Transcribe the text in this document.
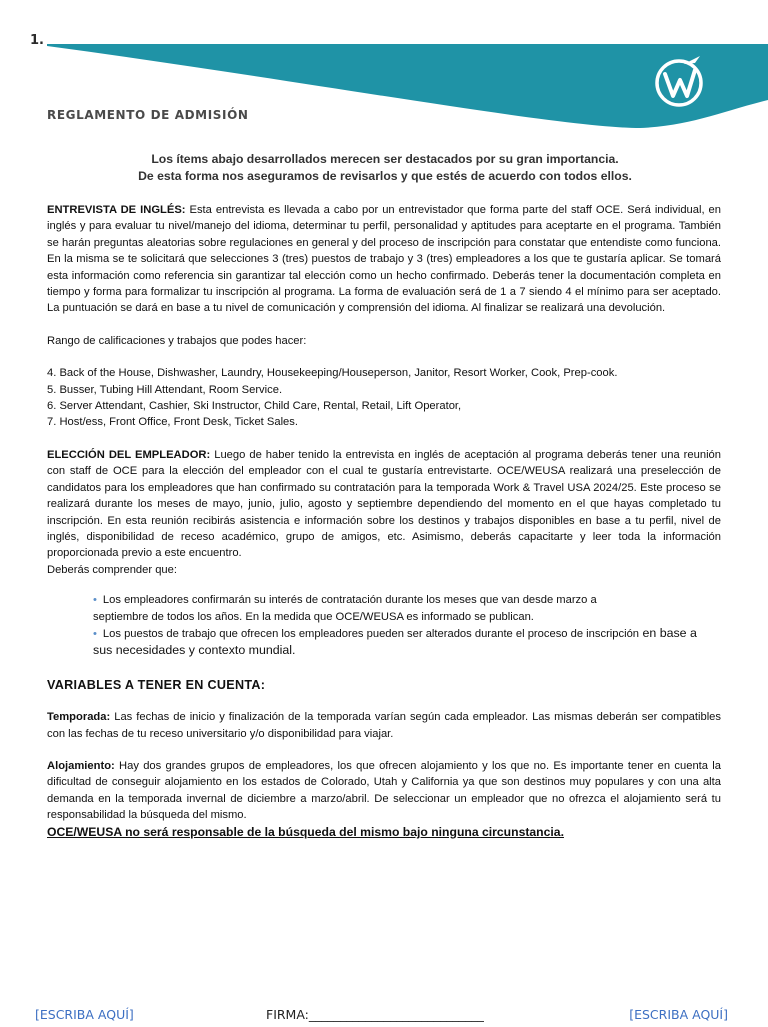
1.
REGLAMENTO DE ADMISIÓN
Los ítems abajo desarrollados merecen ser destacados por su gran importancia.
De esta forma nos aseguramos de revisarlos y que estés de acuerdo con todos ellos.

ENTREVISTA DE INGLÉS: Esta entrevista es llevada a cabo por un entrevistador que forma parte del staff OCE. Será individual, en inglés y para evaluar tu nivel/manejo del idioma, determinar tu perfil, personalidad y aptitudes para aceptarte en el programa. También se harán preguntas aleatorias sobre regulaciones en general y del proceso de inscripción para constatar que entendiste como funciona. En la misma se te solicitará que selecciones 3 (tres) puestos de trabajo y 3 (tres) empleadores a los que te gustaría aplicar. Se tomará esta información como referencia sin garantizar tal elección como un hecho confirmado. Deberás tener la documentación completa en tiempo y forma para formalizar tu inscripción al programa. La forma de evaluación será de 1 a 7 siendo 4 el mínimo para ser aceptado. La puntuación se dará en base a tu nivel de comunicación y comprensión del idioma. Al finalizar se realizará una devolución.

Rango de calificaciones y trabajos que podes hacer:

4. Back of the House, Dishwasher, Laundry, Housekeeping/Houseperson, Janitor, Resort Worker, Cook, Prep-cook.
5. Busser, Tubing Hill Attendant, Room Service.
6. Server Attendant, Cashier, Ski Instructor, Child Care, Rental, Retail, Lift Operator,
7. Host/ess, Front Office, Front Desk, Ticket Sales.

ELECCIÓN DEL EMPLEADOR: Luego de haber tenido la entrevista en inglés de aceptación al programa deberás tener una reunión con staff de OCE para la elección del empleador con el cual te gustaría entrevistarte. OCE/WEUSA realizará una preselección de candidatos para los empleadores que han confirmado su contratación para la temporada Work & Travel USA 2024/25. Este proceso se realizará durante los meses de mayo, junio, julio, agosto y septiembre dependiendo del momento en el que hayas completado tu inscripción. En esta reunión recibirás asistencia e información sobre los destinos y trabajos disponibles en base a tu perfil, nivel de inglés, disponibilidad de receso académico, grupo de amigos, etc. Asimismo, deberás capacitarte y leer toda la información proporcionada previo a este encuentro.

Deberás comprender que:

• Los empleadores confirmarán su interés de contratación durante los meses que van desde marzo a

septiembre de todos los años. En la medida que OCE/WEUSA es informado se publican.

• Los puestos de trabajo que ofrecen los empleadores pueden ser alterados durante el proceso de inscripción en base a

sus necesidades y contexto mundial.

VARIABLES A TENER EN CUENTA:

Temporada: Las fechas de inicio y finalización de la temporada varían según cada empleador. Las mismas deberán ser compatibles con las fechas de tu receso universitario y/o disponibilidad para viajar.

Alojamiento: Hay dos grandes grupos de empleadores, los que ofrecen alojamiento y los que no. Es importante tener en cuenta la dificultad de conseguir alojamiento en los estados de Colorado, Utah y California ya que son destinos muy populares y con una alta demanda en la temporada invernal de diciembre a marzo/abril. De seleccionar un empleador que no ofrezca el alojamiento será tu responsabilidad la búsqueda del mismo.

OCE/WEUSA no será responsable de la búsqueda del mismo bajo ninguna circunstancia.

[ESCRIBA AQUÍ]	FIRMA:____________________________	[ESCRIBA AQUÍ]
